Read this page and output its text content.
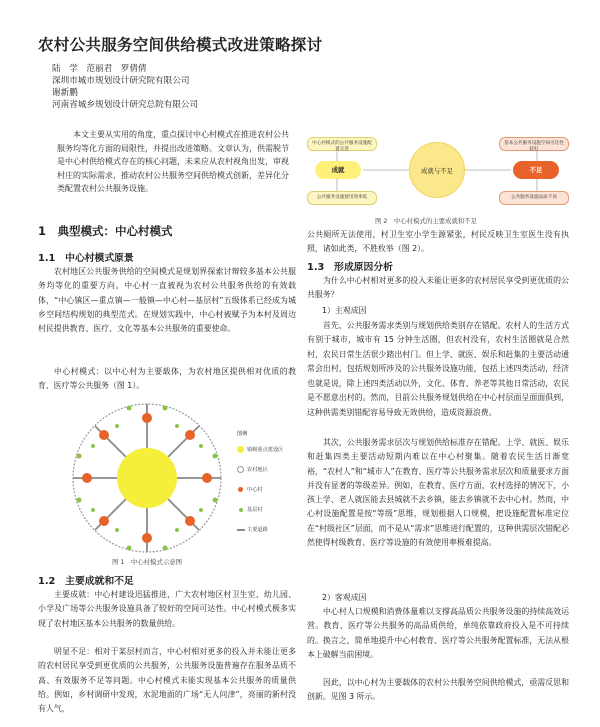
农村公共服务空间供给模式改进策略探讨
陆　学　范丽君　罗倩倩
深圳市城市规划设计研究院有限公司
谢新鹏
河南省城乡规划设计研究总院有限公司

本文主要从实用的角度，重点探讨中心村模式在推进农村公共服务均等化方面的局限性，并提出改进策略。文章认为，供需脱节是中心村供给模式存在的核心问题，未来应从农村视角出发，审视村庄的实际需求，推动农村公共服务空间供给模式创新，差异化分类配置农村公共服务设施。

1　典型模式：中心村模式
1.1　中心村模式原景

农村地区公共服务供给的空间模式是规划界探索讨辩较多基本公共服务均等化的重要方向。中心村一直被视为农村公共服务供给的有效载体，“中心镇区—重点镇—一般镇—中心村—基层村”五级体系已经成为城乡空间结构规划的典型范式。在规划实践中，中心村被赋予为本村及周边村民提供教育、医疗、文化等基本公共服务的重要使命。

中心村模式：以中心村为主要载体，为农村地区提供相对优质的教育、医疗等公共服务（图 1）。

图例
镇级重点建设区
农村地区
中心村
基层村
主要道路
图 1　中心村模式示意图
1.2　主要成就和不足

主要成就：中心村建设迅猛推进，广大农村地区村卫生室、幼儿园、小学及广场等公共服务设施具备了较好的空间可达性。中心村模式极多实现了农村地区基本公共服务的数量供给。

明显不足：相对于某层村而言，中心村相对更多的投入并未能让更多的农村居民享受到更优质的公共服务，公共服务设施普遍存在服务品质不高、有效服务不足等问题。中心村模式未能实现基本公共服务的质量供给。例如，乡村调研中发现，水泥地面的广场“无人问津”，亮丽的新村没有人气，

中心村模式的公共服务设施配置完善
成就
公共服务设施使用效率低
成就与不足
基本公共服务设施空间可达性较好
不足
公共服务设施品质不高
图 2　中心村模式的主要成就和不足

公共厕所无法使用，村卫生室小学生源紧张，村民反映卫生室医生没有执照，诸如此类，不胜枚举（图 2）。

1.3　形成原因分析

为什么中心村相对更多的投入未能让更多的农村居民享受到更优质的公共服务？

1）主观成因

首先，公共服务需求类别与规划供给类别存在错配。农村人的生活方式有别于城市，城市有 15 分钟生活圈，但农村没有，农村生活圈就是合然村，农民日常生活很少踏出村门。但上学、就医、娱乐和赶集的主要活动通常会出村，包括规划所涉及的公共服务设施功能，包括上述四类活动，经济

也就是说，除上述四类活动以外，文化、体育、养老等其他日常活动，农民是不愿意出村的。然而，目前公共服务规划供给在中心村层面呈面面俱到，这种供需类别错配容易导致无效供给，造成资源浪费。

其次，公共服务需求层次与规划供给标准存在错配。上学、就医、娱乐和赶集四类主要活动短期内难以在中心村聚集。随着农民生活日渐宽裕，“农村人”和“城市人”在教育、医疗等公共服务需求层次和质量要求方面并没有显著的等级差异。例如，在教育、医疗方面，农村选择的情况下，小孩上学、老人就医能去县城就不去乡镇，能去乡镇就不去中心村。然而，中心村设施配置是按“等级”思维，规划根据人口规模，把设施配置标准定位在“村级社区”层面，而不是从“需求”思维进行配置的，这种供需层次错配必然使得村级教育、医疗等设施的有效使用率极难提高。

2）客观成因

中心村人口规模和消费体量难以支撑高品质公共服务设施的持续高效运营。教育、医疗等公共服务的高品质供给，单纯依靠政府投入是不可持续的。换言之，简单地提升中心村教育、医疗等公共服务配置标准，无法从根本上破解当前困境。

因此，以中心村为主要载体的农村公共服务空间供给模式，亟需反思和创新。见图 3 所示。
